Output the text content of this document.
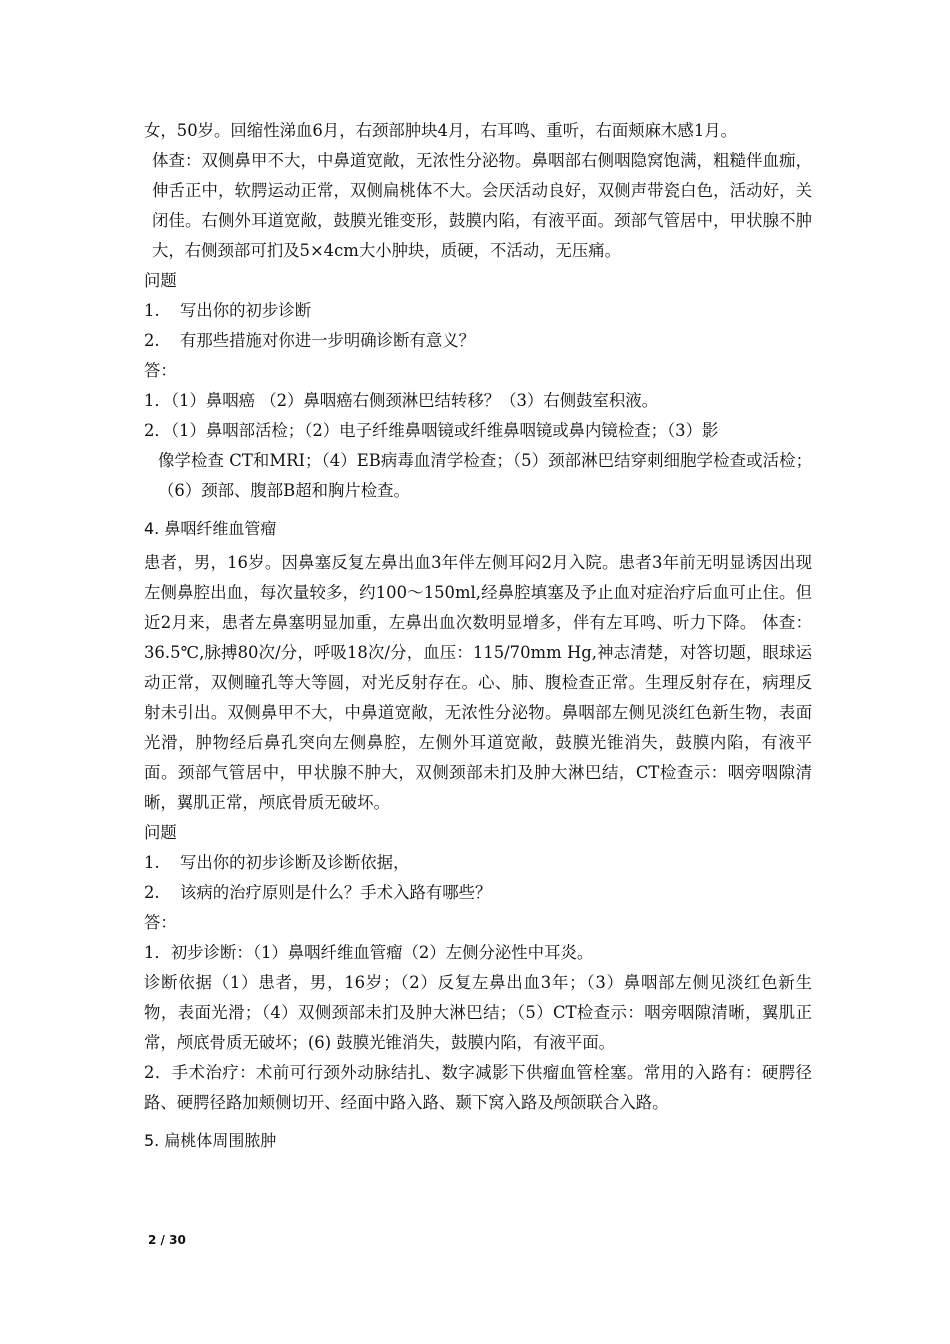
女，50岁。回缩性涕血6月，右颈部肿块4月，右耳鸣、重听，右面颊麻木感1月。

体查：双侧鼻甲不大，中鼻道宽敞，无浓性分泌物。鼻咽部右侧咽隐窝饱满，粗糙伴血痂，伸舌正中，软腭运动正常，双侧扁桃体不大。会厌活动良好，双侧声带瓷白色，活动好，关闭佳。右侧外耳道宽敞，鼓膜光锥变形，鼓膜内陷，有液平面。颈部气管居中，甲状腺不肿大，右侧颈部可扪及5×4cm大小肿块，质硬，不活动，无压痛。

问题

1.	写出你的初步诊断
2.	有那些措施对你进一步明确诊断有意义？

答：

1．（1）鼻咽癌 （2）鼻咽癌右侧颈淋巴结转移？（3）右侧鼓室积液。

2．（1）鼻咽部活检；（2）电子纤维鼻咽镜或纤维鼻咽镜或鼻内镜检查；（3）影

像学检查 CT和MRI；（4）EB病毒血清学检查；（5）颈部淋巴结穿刺细胞学检查或活检；（6）颈部、腹部B超和胸片检查。

4. 鼻咽纤维血管瘤

患者，男，16岁。因鼻塞反复左鼻出血3年伴左侧耳闷2月入院。患者3年前无明显诱因出现左侧鼻腔出血，每次量较多，约100～150ml,经鼻腔填塞及予止血对症治疗后血可止住。但近2月来，患者左鼻塞明显加重，左鼻出血次数明显增多，伴有左耳鸣、听力下降。 体查：36.5℃,脉搏80次/分，呼吸18次/分，血压：115/70mm Hg,神志清楚，对答切题，眼球运动正常，双侧瞳孔等大等圆，对光反射存在。心、肺、腹检查正常。生理反射存在，病理反射未引出。双侧鼻甲不大，中鼻道宽敞，无浓性分泌物。鼻咽部左侧见淡红色新生物，表面光滑，肿物经后鼻孔突向左侧鼻腔，左侧外耳道宽敞，鼓膜光锥消失，鼓膜内陷，有液平面。颈部气管居中，甲状腺不肿大，双侧颈部未扪及肿大淋巴结，CT检查示：咽旁咽隙清晰，翼肌正常，颅底骨质无破坏。

问题

1.	写出你的初步诊断及诊断依据，
2.	该病的治疗原则是什么？手术入路有哪些？

答：

1．初步诊断：（1）鼻咽纤维血管瘤（2）左侧分泌性中耳炎。

诊断依据（1）患者，男，16岁；（2）反复左鼻出血3年；（3）鼻咽部左侧见淡红色新生物，表面光滑；（4）双侧颈部未扪及肿大淋巴结；（5）CT检查示：咽旁咽隙清晰，翼肌正常，颅底骨质无破坏；(6) 鼓膜光锥消失，鼓膜内陷，有液平面。

2．手术治疗：术前可行颈外动脉结扎、数字减影下供瘤血管栓塞。常用的入路有：硬腭径路、硬腭径路加颊侧切开、经面中路入路、颞下窝入路及颅颌联合入路。

5. 扁桃体周围脓肿
2 / 30
